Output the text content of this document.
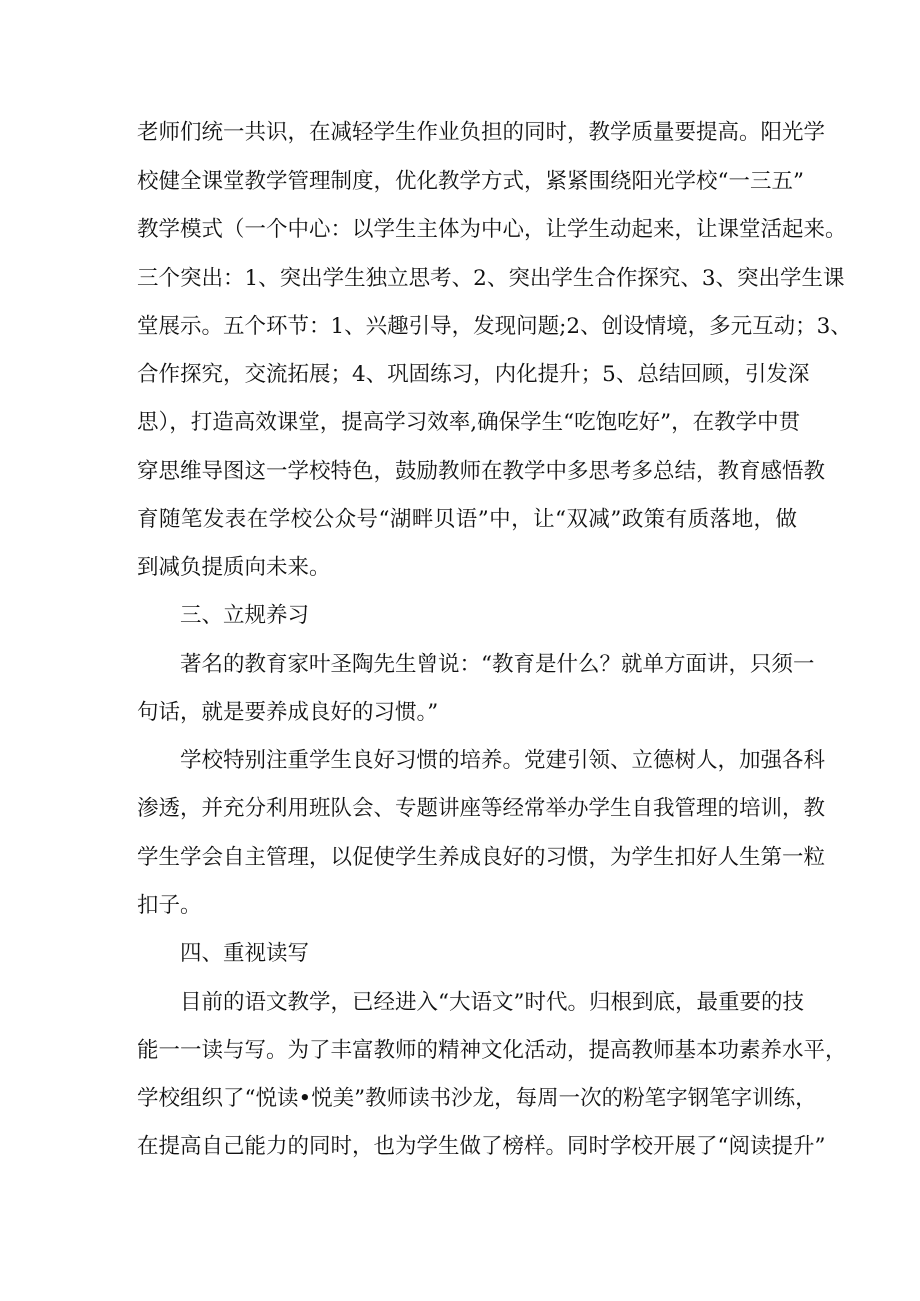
老师们统一共识，在减轻学生作业负担的同时，教学质量要提高。阳光学
校健全课堂教学管理制度，优化教学方式，紧紧围绕阳光学校“一三五”
教学模式（一个中心：以学生主体为中心，让学生动起来，让课堂活起来。
三个突出：1、突出学生独立思考、2、突出学生合作探究、3、突出学生课
堂展示。五个环节：1、兴趣引导，发现问题;2、创设情境，多元互动；3、
合作探究，交流拓展；4、巩固练习，内化提升；5、总结回顾，引发深
思），打造高效课堂，提高学习效率,确保学生“吃饱吃好”，在教学中贯
穿思维导图这一学校特色，鼓励教师在教学中多思考多总结，教育感悟教
育随笔发表在学校公众号“湖畔贝语”中，让“双减”政策有质落地，做
到减负提质向未来。
三、立规养习
著名的教育家叶圣陶先生曾说：“教育是什么？就单方面讲，只须一
句话，就是要养成良好的习惯。”
学校特别注重学生良好习惯的培养。党建引领、立德树人，加强各科
渗透，并充分利用班队会、专题讲座等经常举办学生自我管理的培训，教
学生学会自主管理，以促使学生养成良好的习惯，为学生扣好人生第一粒
扣子。
四、重视读写
目前的语文教学，已经进入“大语文”时代。归根到底，最重要的技
能一一读与写。为了丰富教师的精神文化活动，提高教师基本功素养水平，
学校组织了“悦读•悦美”教师读书沙龙，每周一次的粉笔字钢笔字训练，
在提高自己能力的同时，也为学生做了榜样。同时学校开展了“阅读提升”
